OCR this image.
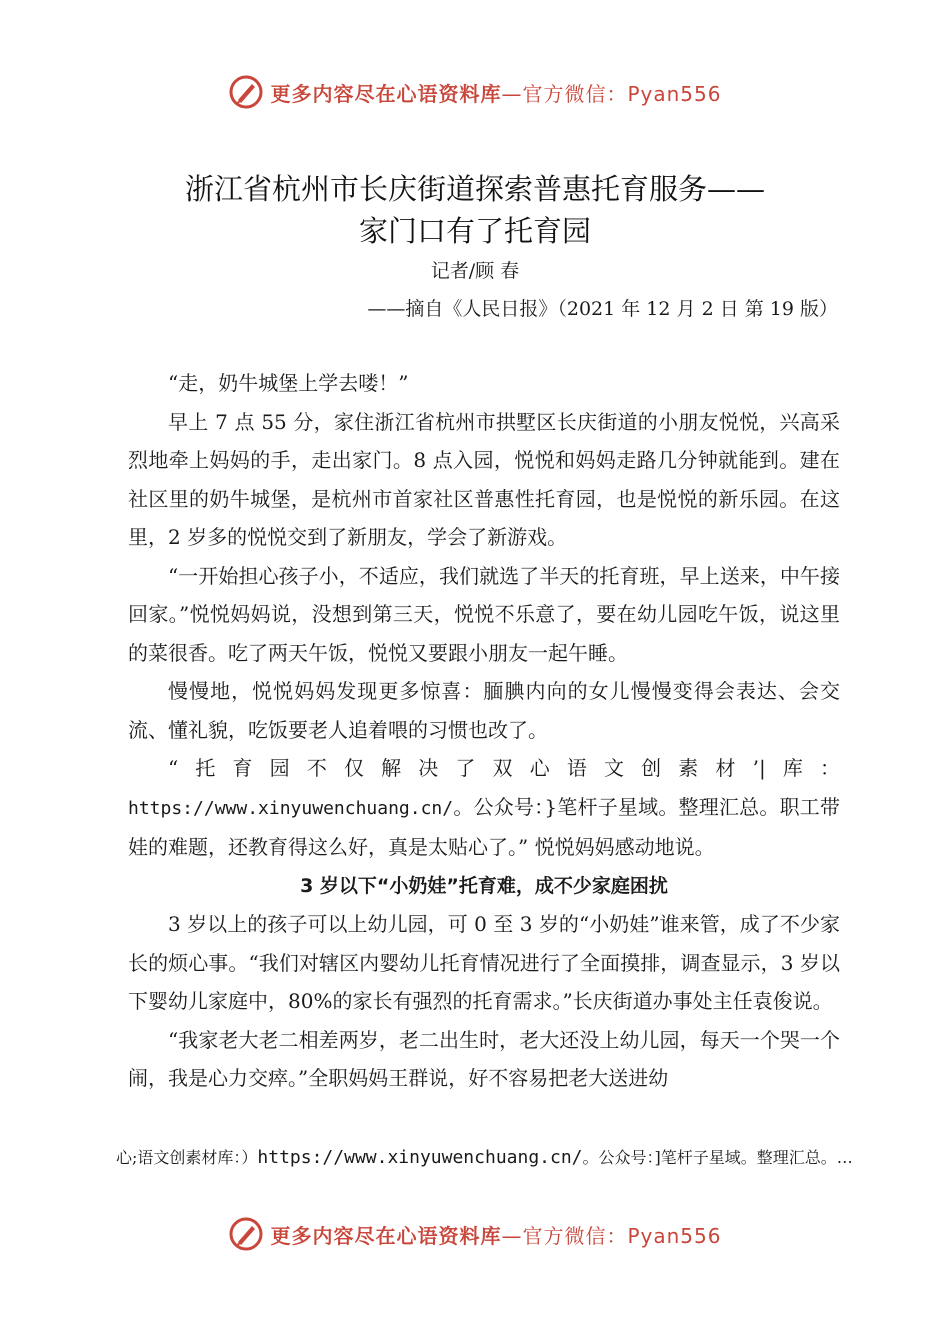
更多内容尽在心语资料库—官方微信：Pyan556
浙江省杭州市长庆街道探索普惠托育服务——
家门口有了托育园
记者/顾 春
——摘自《人民日报》（2021 年 12 月 2 日 第 19 版）

“走，奶牛城堡上学去喽！”

早上 7 点 55 分，家住浙江省杭州市拱墅区长庆街道的小朋友悦悦，兴高采烈地牵上妈妈的手，走出家门。8 点入园，悦悦和妈妈走路几分钟就能到。建在社区里的奶牛城堡，是杭州市首家社区普惠性托育园，也是悦悦的新乐园。在这里，2 岁多的悦悦交到了新朋友，学会了新游戏。

“一开始担心孩子小，不适应，我们就选了半天的托育班，早上送来，中午接回家。”悦悦妈妈说，没想到第三天，悦悦不乐意了，要在幼儿园吃午饭，说这里的菜很香。吃了两天午饭，悦悦又要跟小朋友一起午睡。

慢慢地，悦悦妈妈发现更多惊喜：腼腆内向的女儿慢慢变得会表达、会交流、懂礼貌，吃饭要老人追着喂的习惯也改了。

“托育园不仅解决了双心语文创素材’|库：https://www.xinyuwenchuang.cn/。公众号：}笔杆子星域。整理汇总。职工带娃的难题，还教育得这么好，真是太贴心了。” 悦悦妈妈感动地说。

3 岁以下“小奶娃”托育难，成不少家庭困扰

3 岁以上的孩子可以上幼儿园，可 0 至 3 岁的“小奶娃”谁来管，成了不少家长的烦心事。“我们对辖区内婴幼儿托育情况进行了全面摸排，调查显示，3 岁以下婴幼儿家庭中，80%的家长有强烈的托育需求。”长庆街道办事处主任袁俊说。

“我家老大老二相差两岁，老二出生时，老大还没上幼儿园，每天一个哭一个闹，我是心力交瘁。”全职妈妈王群说，好不容易把老大送进幼

心;语文创素材库：）https://www.xinyuwenchuang.cn/。公众号：]笔杆子星域。整理汇总。…
更多内容尽在心语资料库—官方微信：Pyan556
